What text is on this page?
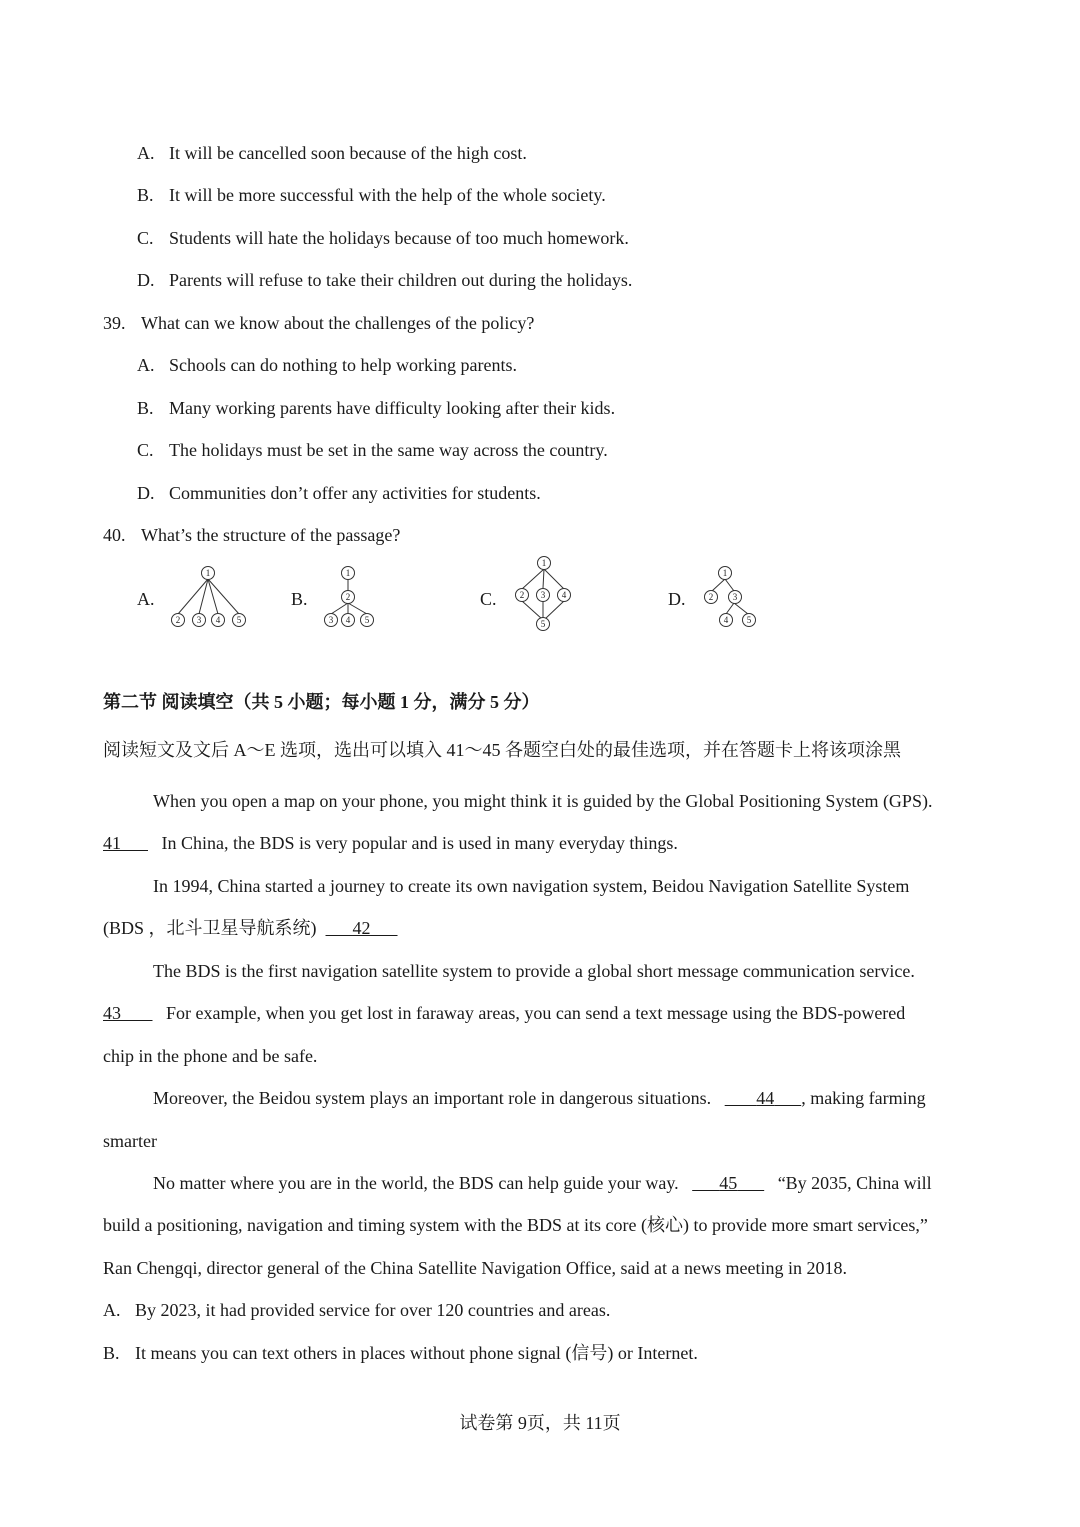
A. It will be cancelled soon because of the high cost.
B. It will be more successful with the help of the whole society.
C. Students will hate the holidays because of too much homework.
D. Parents will refuse to take their children out during the holidays.
39. What can we know about the challenges of the policy?
A. Schools can do nothing to help working parents.
B. Many working parents have difficulty looking after their kids.
C. The holidays must be set in the same way across the country.
D. Communities don’t offer any activities for students.
40. What’s the structure of the passage?
A.	B.	C.	D.
1
2 3 4 5
1
2
3 4 5
1
2 3 4
5
1
2 3
4 5
第二节 阅读填空（共 5 小题；每小题 1 分，满分 5 分）
阅读短文及文后 A～E 选项，选出可以填入 41～45 各题空白处的最佳选项，并在答题卡上将该项涂黑
When you open a map on your phone, you might think it is guided by the Global Positioning System (GPS).
41 In China, the BDS is very popular and is used in many everyday things.
In 1994, China started a journey to create its own navigation system, Beidou Navigation Satellite System
(BDS ，北斗卫星导航系统) 42
The BDS is the first navigation satellite system to provide a global short message communication service.
43	For example, when you get lost in faraway areas, you can send a text message using the BDS-powered
chip in the phone and be safe.
Moreover, the Beidou system plays an important role in dangerous situations.	44 , making farming
smarter
No matter where you are in the world, the BDS can help guide your way. 45 “By 2035, China will
build a positioning, navigation and timing system with the BDS at its core (核心) to provide more smart services,”
Ran Chengqi, director general of the China Satellite Navigation Office, said at a news meeting in 2018.
A. By 2023, it had provided service for over 120 countries and areas.
B. It means you can text others in places without phone signal (信号) or Internet.
试卷第 9页，共 11页
